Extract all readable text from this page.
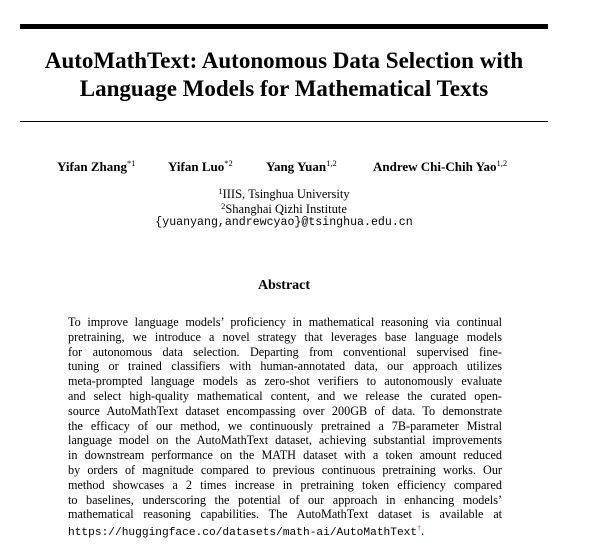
AutoMathText: Autonomous Data Selection with
Language Models for Mathematical Texts
Yifan Zhang$^{*1}$	Yifan Luo$^{*2}$	Yang Yuan$^{1,2}$	Andrew Chi-Chih Yao$^{1,2}$
$^1$IIIS, Tsinghua University
$^2$Shanghai Qizhi Institute
{yuanyang,andrewcyao}@tsinghua.edu.cn
Abstract
To improve language models’ proficiency in mathematical reasoning via continual
pretraining, we introduce a novel strategy that leverages base language models
for autonomous data selection. Departing from conventional supervised fine-
tuning or trained classifiers with human-annotated data, our approach utilizes
meta-prompted language models as zero-shot verifiers to autonomously evaluate
and select high-quality mathematical content, and we release the curated open-
source AutoMathText dataset encompassing over 200GB of data. To demonstrate
the efficacy of our method, we continuously pretrained a 7B-parameter Mistral
language model on the AutoMathText dataset, achieving substantial improvements
in downstream performance on the MATH dataset with a token amount reduced
by orders of magnitude compared to previous continuous pretraining works. Our
method showcases a 2 times increase in pretraining token efficiency compared
to baselines, underscoring the potential of our approach in enhancing models’
mathematical reasoning capabilities. The AutoMathText dataset is available at
https://huggingface.co/datasets/math-ai/AutoMathText†.
